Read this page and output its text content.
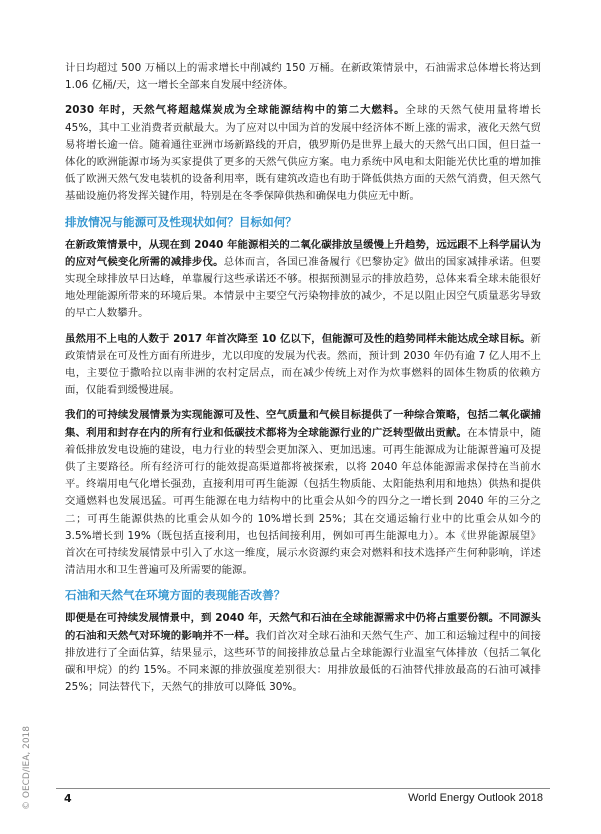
计日均超过 500 万桶以上的需求增长中削减约 150 万桶。在新政策情景中，石油需求总体增长将达到 1.06 亿桶/天，这一增长全部来自发展中经济体。

2030 年时，天然气将超越煤炭成为全球能源结构中的第二大燃料。全球的天然气使用量将增长 45%，其中工业消费者贡献最大。为了应对以中国为首的发展中经济体不断上涨的需求，液化天然气贸易将增长逾一倍。随着通往亚洲市场新路线的开启，俄罗斯仍是世界上最大的天然气出口国，但日益一体化的欧洲能源市场为买家提供了更多的天然气供应方案。电力系统中风电和太阳能光伏比重的增加推低了欧洲天然气发电装机的设备利用率，既有建筑改造也有助于降低供热方面的天然气消费，但天然气基础设施仍将发挥关键作用，特别是在冬季保障供热和确保电力供应无中断。

排放情况与能源可及性现状如何？目标如何？

在新政策情景中，从现在到 2040 年能源相关的二氧化碳排放呈缓慢上升趋势，远远跟不上科学届认为的应对气候变化所需的减排步伐。总体而言，各国已准备履行《巴黎协定》做出的国家减排承诺。但要实现全球排放早日达峰，单靠履行这些承诺还不够。根据预测显示的排放趋势，总体来看全球未能很好地处理能源所带来的环境后果。本情景中主要空气污染物排放的减少，不足以阻止因空气质量恶劣导致的早亡人数攀升。

虽然用不上电的人数于 2017 年首次降至 10 亿以下，但能源可及性的趋势同样未能达成全球目标。新政策情景在可及性方面有所进步，尤以印度的发展为代表。然而，预计到 2030 年仍有逾 7 亿人用不上电，主要位于撒哈拉以南非洲的农村定居点，而在减少传统上对作为炊事燃料的固体生物质的依赖方面，仅能看到缓慢进展。

我们的可持续发展情景为实现能源可及性、空气质量和气候目标提供了一种综合策略，包括二氧化碳捕集、利用和封存在内的所有行业和低碳技术都将为全球能源行业的广泛转型做出贡献。在本情景中，随着低排放发电设施的建设，电力行业的转型会更加深入、更加迅速。可再生能源成为让能源普遍可及提供了主要路径。所有经济可行的能效提高渠道都将被探索，以将 2040 年总体能源需求保持在当前水平。终端用电气化增长强劲，直接利用可再生能源（包括生物质能、太阳能热利用和地热）供热和提供交通燃料也发展迅猛。可再生能源在电力结构中的比重会从如今的四分之一增长到 2040 年的三分之二；可再生能源供热的比重会从如今的 10%增长到 25%；其在交通运输行业中的比重会从如今的 3.5%增长到 19%（既包括直接利用，也包括间接利用，例如可再生能源电力）。本《世界能源展望》首次在可持续发展情景中引入了水这一维度，展示水资源约束会对燃料和技术选择产生何种影响，详述清洁用水和卫生普遍可及所需要的能源。

石油和天然气在环境方面的表现能否改善？

即便是在可持续发展情景中，到 2040 年，天然气和石油在全球能源需求中仍将占重要份额。不同源头的石油和天然气对环境的影响并不一样。我们首次对全球石油和天然气生产、加工和运输过程中的间接排放进行了全面估算，结果显示，这些环节的间接排放总量占全球能源行业温室气体排放（包括二氧化碳和甲烷）的约 15%。不同来源的排放强度差别很大：用排放最低的石油替代排放最高的石油可减排 25%；同法替代下，天然气的排放可以降低 30%。

© OECD/IEA, 2018	4	World Energy Outlook 2018
